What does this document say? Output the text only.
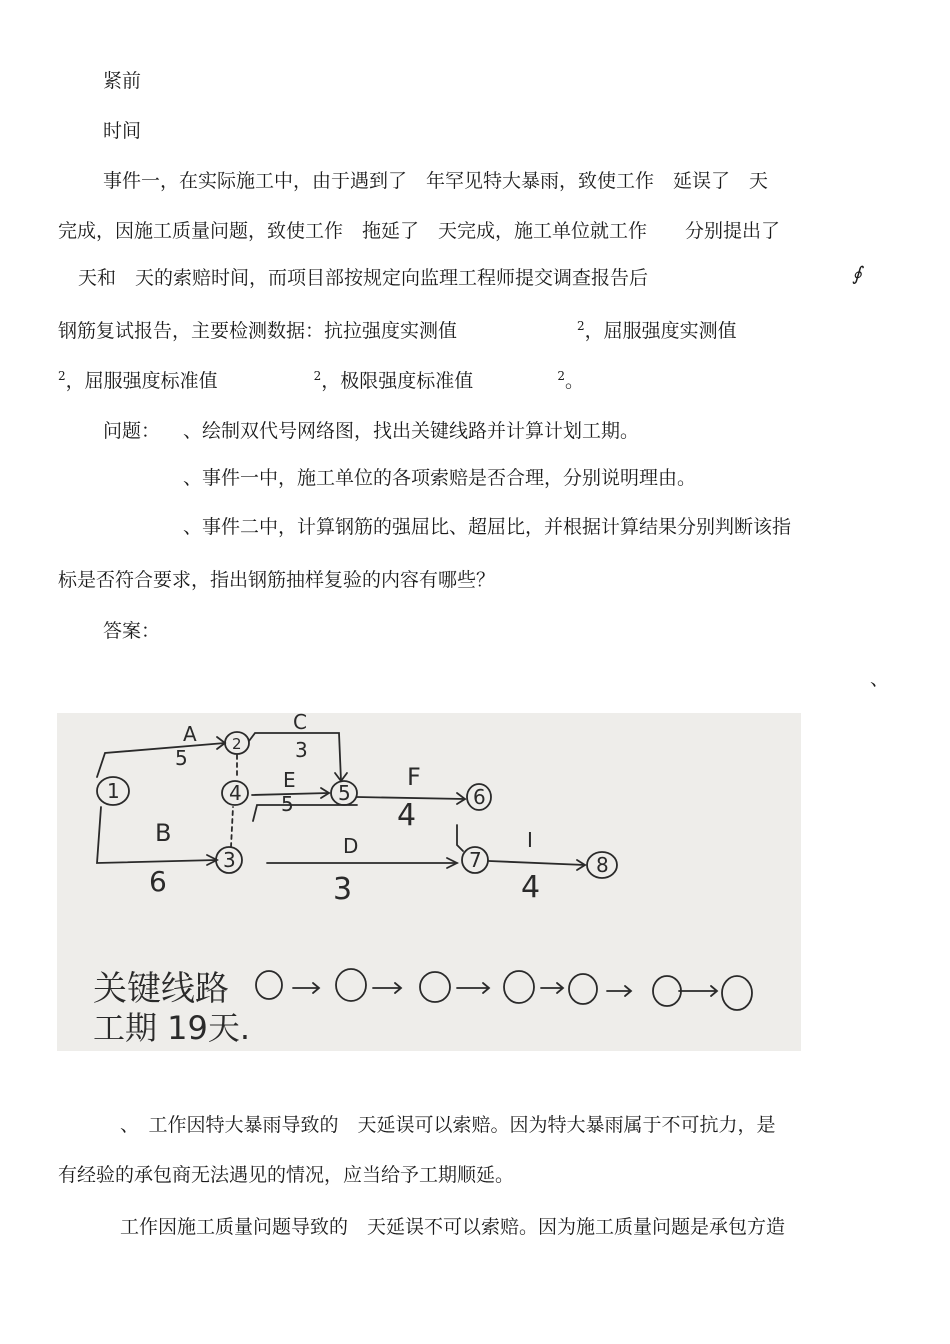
紧前
时间
事件一，在实际施工中，由于遇到了　年罕见特大暴雨，致使工作　延误了　天
完成，因施工质量问题，致使工作　拖延了　天完成，施工单位就工作　　分别提出了
天和　天的索赔时间，而项目部按规定向监理工程师提交调查报告后	∮
钢筋复试报告，主要检测数据：抗拉强度实测值	$^2$，屈服强度实测值
$^2$，屈服强度标准值	$^2$，极限强度标准值	$^2$。
问题： 、绘制双代号网络图，找出关键线路并计算计划工期。
、事件一中，施工单位的各项索赔是否合理，分别说明理由。
、事件二中，计算钢筋的强屈比、超屈比，并根据计算结果分别判断该指
标是否符合要求，指出钢筋抽样复验的内容有哪些？
答案：
、
1
2
3
4	5	6
7	8
A
5
B
6
C
3
D
3
E
5
F
4
I
4
关键线路
工期 19天.
、　工作因特大暴雨导致的　天延误可以索赔。因为特大暴雨属于不可抗力，是
有经验的承包商无法遇见的情况，应当给予工期顺延。
工作因施工质量问题导致的　天延误不可以索赔。因为施工质量问题是承包方造
